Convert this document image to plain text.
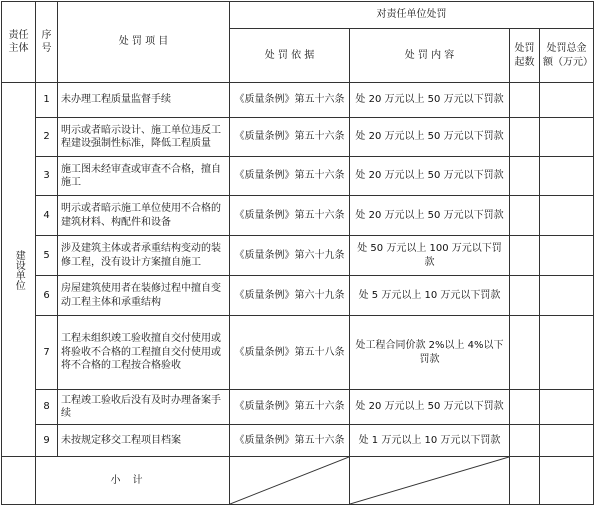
责任主体	序号	处 罚 项 目	对责任单位处罚			
			处 罚 依 据	处 罚 内 容	处罚起数	处罚总金额（万元）
建设单位	1	未办理工程质量监督手续	《质量条例》第五十六条	处 20 万元以上 50 万元以下罚款		
	2	明示或者暗示设计、施工单位违反工程建设强制性标准，降低工程质量	《质量条例》第五十六条	处 20 万元以上 50 万元以下罚款		
	3	施工图未经审查或审查不合格，擅自施工	《质量条例》第五十六条	处 20 万元以上 50 万元以下罚款		
	4	明示或者暗示施工单位使用不合格的建筑材料、构配件和设备	《质量条例》第五十六条	处 20 万元以上 50 万元以下罚款		
	5	涉及建筑主体或者承重结构变动的装修工程，没有设计方案擅自施工	《质量条例》第六十九条	处 50 万元以上 100 万元以下罚款		
	6	房屋建筑使用者在装修过程中擅自变动工程主体和承重结构	《质量条例》第六十九条	处 5 万元以上 10 万元以下罚款		
	7	工程未组织竣工验收擅自交付使用或将验收不合格的工程擅自交付使用或将不合格的工程按合格验收	《质量条例》第五十八条	处工程合同价款 2%以上 4%以下罚款		
	8	工程竣工验收后没有及时办理备案手续	《质量条例》第五十六条	处 20 万元以上 50 万元以下罚款		
	9	未按规定移交工程项目档案	《质量条例》第五十六条	处 1 万元以上 10 万元以下罚款		
	小计	
